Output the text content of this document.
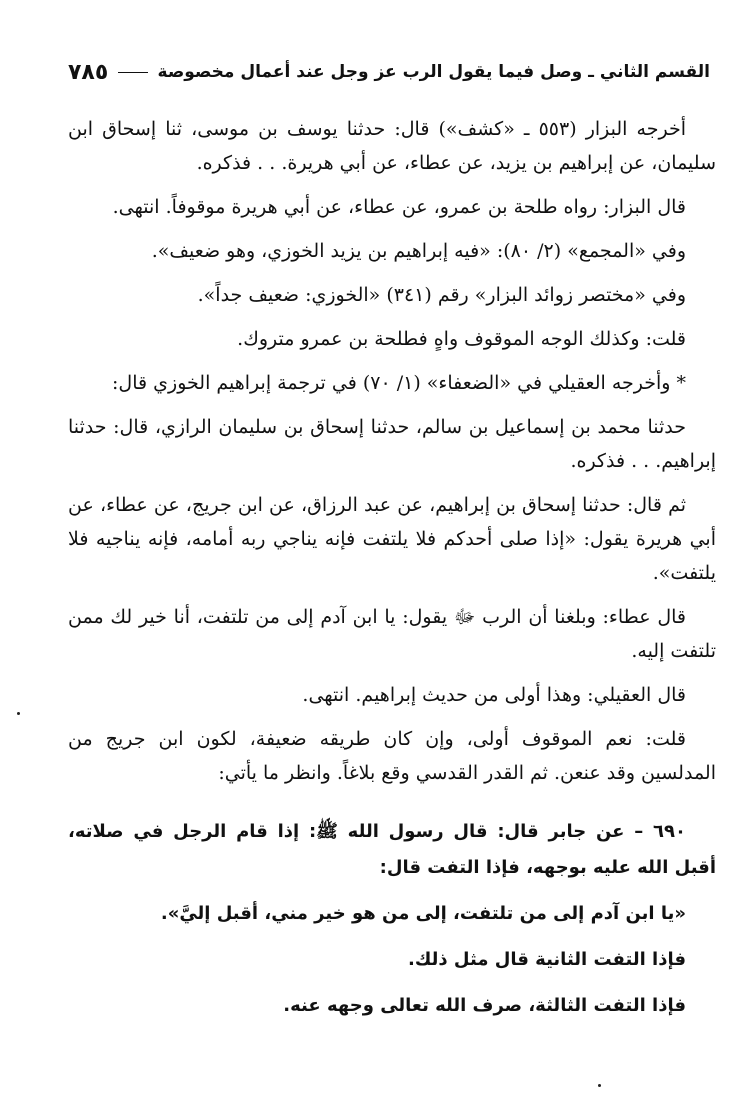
القسم الثاني ـ وصل فيما يقول الرب عز وجل عند أعمال مخصوصة
٧٨٥

أخرجه البزار (٥٥٣ ـ «كشف») قال: حدثنا يوسف بن موسى، ثنا إسحاق ابن سليمان، عن إبراهيم بن يزيد، عن عطاء، عن أبي هريرة. . . فذكره.

قال البزار: رواه طلحة بن عمرو، عن عطاء، عن أبي هريرة موقوفاً. انتهى.

وفي «المجمع» (٢/ ٨٠): «فيه إبراهيم بن يزيد الخوزي، وهو ضعيف».

وفي «مختصر زوائد البزار» رقم (٣٤١) «الخوزي: ضعيف جداً».

قلت: وكذلك الوجه الموقوف واهٍ فطلحة بن عمرو متروك.

* وأخرجه العقيلي في «الضعفاء» (١/ ٧٠) في ترجمة إبراهيم الخوزي قال:

حدثنا محمد بن إسماعيل بن سالم، حدثنا إسحاق بن سليمان الرازي، قال: حدثنا إبراهيم. . . فذكره.

ثم قال: حدثنا إسحاق بن إبراهيم، عن عبد الرزاق، عن ابن جريج، عن عطاء، عن أبي هريرة يقول: «إذا صلى أحدكم فلا يلتفت فإنه يناجي ربه أمامه، فإنه يناجيه فلا يلتفت».

قال عطاء: وبلغنا أن الرب ﷻ يقول: يا ابن آدم إلى من تلتفت، أنا خير لك ممن تلتفت إليه.

قال العقيلي: وهذا أولى من حديث إبراهيم. انتهى.

قلت: نعم الموقوف أولى، وإن كان طريقه ضعيفة، لكون ابن جريج من المدلسين وقد عنعن. ثم القدر القدسي وقع بلاغاً. وانظر ما يأتي:

٦٩٠ – عن جابر قال: قال رسول الله ﷺ: إذا قام الرجل في صلاته، أقبل الله عليه بوجهه، فإذا التفت قال:

«يا ابن آدم إلى من تلتفت، إلى من هو خير مني، أقبل إليَّ».

فإذا التفت الثانية قال مثل ذلك.

فإذا التفت الثالثة، صرف الله تعالى وجهه عنه.
